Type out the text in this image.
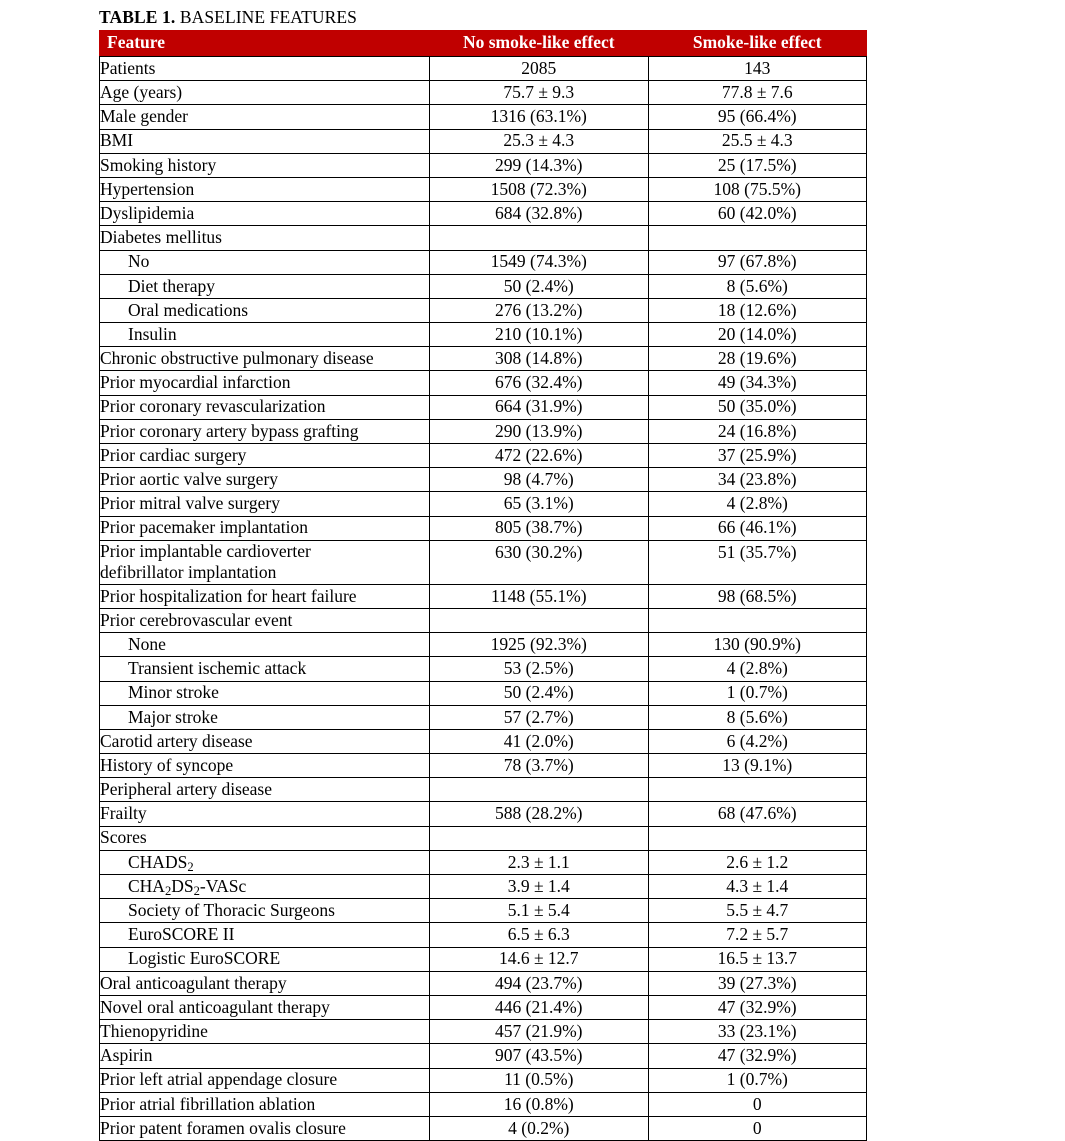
TABLE 1. BASELINE FEATURES
Feature	No smoke-like effect	Smoke-like effect
Patients	2085	143
Age (years)	75.7 ± 9.3	77.8 ± 7.6
Male gender	1316 (63.1%)	95 (66.4%)
BMI	25.3 ± 4.3	25.5 ± 4.3
Smoking history	299 (14.3%)	25 (17.5%)
Hypertension	1508 (72.3%)	108 (75.5%)
Dyslipidemia	684 (32.8%)	60 (42.0%)
Diabetes mellitus		
No	1549 (74.3%)	97 (67.8%)
Diet therapy	50 (2.4%)	8 (5.6%)
Oral medications	276 (13.2%)	18 (12.6%)
Insulin	210 (10.1%)	20 (14.0%)
Chronic obstructive pulmonary disease	308 (14.8%)	28 (19.6%)
Prior myocardial infarction	676 (32.4%)	49 (34.3%)
Prior coronary revascularization	664 (31.9%)	50 (35.0%)
Prior coronary artery bypass grafting	290 (13.9%)	24 (16.8%)
Prior cardiac surgery	472 (22.6%)	37 (25.9%)
Prior aortic valve surgery	98 (4.7%)	34 (23.8%)
Prior mitral valve surgery	65 (3.1%)	4 (2.8%)
Prior pacemaker implantation	805 (38.7%)	66 (46.1%)

Prior implantable cardioverter
defibrillator implantation	630 (30.2%)	51 (35.7%)
Prior hospitalization for heart failure	1148 (55.1%)	98 (68.5%)
Prior cerebrovascular event		
None	1925 (92.3%)	130 (90.9%)
Transient ischemic attack	53 (2.5%)	4 (2.8%)
Minor stroke	50 (2.4%)	1 (0.7%)
Major stroke	57 (2.7%)	8 (5.6%)
Carotid artery disease	41 (2.0%)	6 (4.2%)
History of syncope	78 (3.7%)	13 (9.1%)
Peripheral artery disease		
Frailty	588 (28.2%)	68 (47.6%)
Scores		
$CHADS_2$	2.3 ± 1.1	2.6 ± 1.2
$CHA_2DS_2$-VASc	3.9 ± 1.4	4.3 ± 1.4
Society of Thoracic Surgeons	5.1 ± 5.4	5.5 ± 4.7
EuroSCORE II	6.5 ± 6.3	7.2 ± 5.7
Logistic EuroSCORE	14.6 ± 12.7	16.5 ± 13.7
Oral anticoagulant therapy	494 (23.7%)	39 (27.3%)
Novel oral anticoagulant therapy	446 (21.4%)	47 (32.9%)
Thienopyridine	457 (21.9%)	33 (23.1%)
Aspirin	907 (43.5%)	47 (32.9%)
Prior left atrial appendage closure	11 (0.5%)	1 (0.7%)
Prior atrial fibrillation ablation	16 (0.8%)	0
Prior patent foramen ovalis closure	4 (0.2%)	0
